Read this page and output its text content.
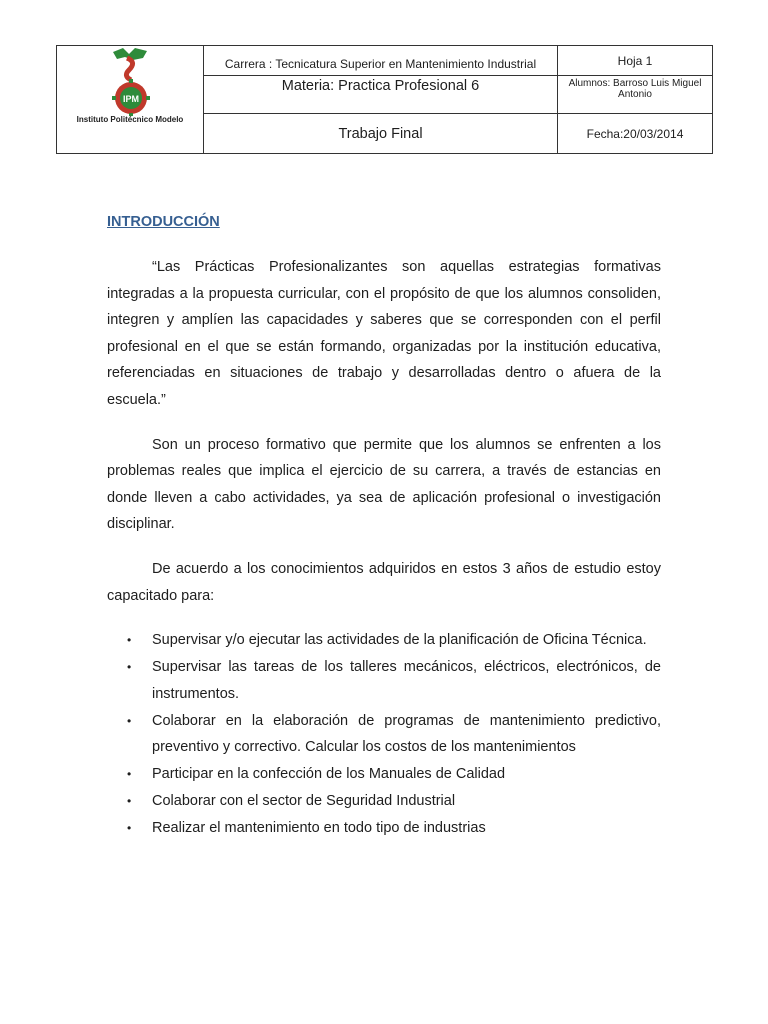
IPM
Instituto Politécnico Modelo	Carrera : Tecnicatura Superior en Mantenimiento Industrial	Hoja 1
	Materia: Practica Profesional 6	Alumnos: Barroso Luis Miguel Antonio
	Trabajo Final	Fecha:20/03/2014
INTRODUCCIÓN

“Las Prácticas Profesionalizantes son aquellas estrategias formativas integradas a la propuesta curricular, con el propósito de que los alumnos consoliden, integren y amplíen las capacidades y saberes que se corresponden con el perfil profesional en el que se están formando, organizadas por la institución educativa, referenciadas en situaciones de trabajo y desarrolladas dentro o afuera de la escuela.”

Son un proceso formativo que permite que los alumnos se enfrenten a los problemas reales que implica el ejercicio de su carrera, a través de estancias en donde lleven a cabo actividades, ya sea de aplicación profesional o investigación disciplinar.

De acuerdo a los conocimientos adquiridos en estos 3 años de estudio estoy capacitado para:

• Supervisar y/o ejecutar las actividades de la planificación de Oficina Técnica.
• Supervisar las tareas de los talleres mecánicos, eléctricos, electrónicos, de instrumentos.
• Colaborar en la elaboración de programas de mantenimiento predictivo, preventivo y correctivo. Calcular los costos de los mantenimientos
• Participar en la confección de los Manuales de Calidad
• Colaborar con el sector de Seguridad Industrial
• Realizar el mantenimiento en todo tipo de industrias
